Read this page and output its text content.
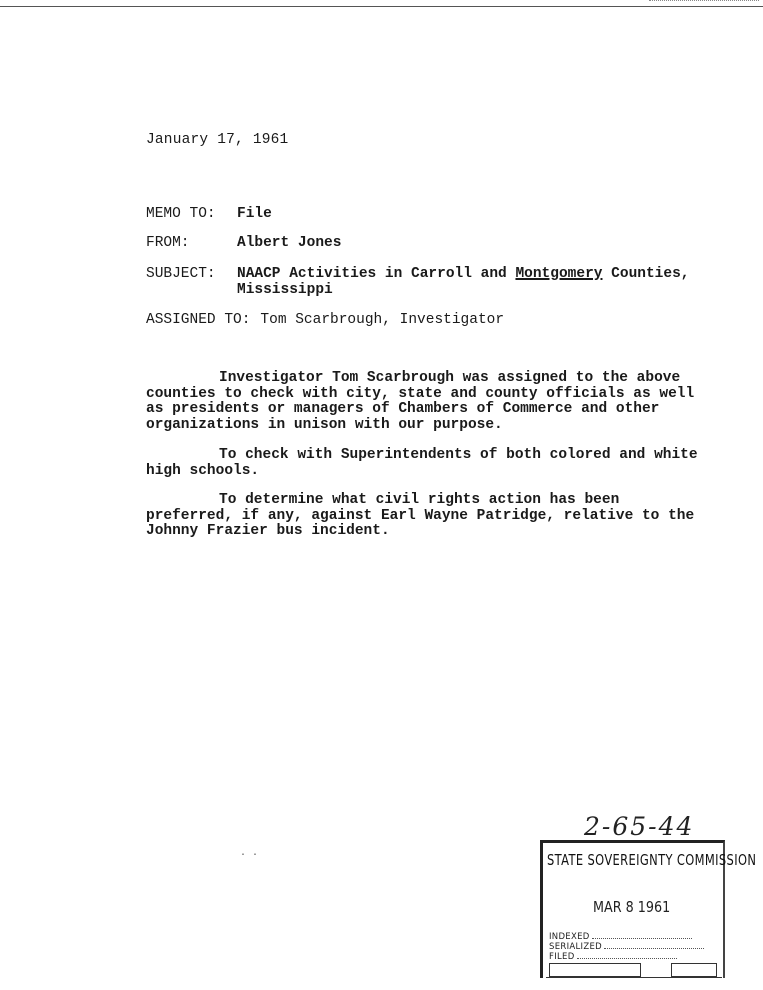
January 17, 1961
MEMO TO: File
FROM:	Albert Jones
SUBJECT: NAACP Activities in Carroll and Montgomery Counties, Mississippi
ASSIGNED TO: Tom Scarbrough, Investigator
Investigator Tom Scarbrough was assigned to the above counties to check with city, state and county officials as well as presidents or managers of Chambers of Commerce and other organizations in unison with our purpose.
To check with Superintendents of both colored and white high schools.
To determine what civil rights action has been preferred, if any, against Earl Wayne Patridge, relative to the Johnny Frazier bus incident.
· ·
2-65-44
STATE SOVEREIGNTY COMMISSION
MAR 8 1961
INDEXED
SERIALIZED
FILED
